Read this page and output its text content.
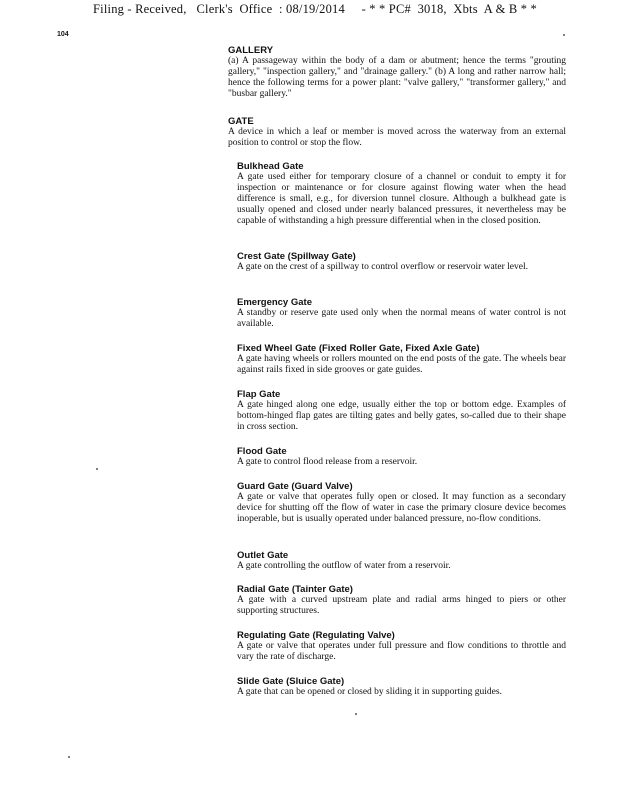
Filing - Received,   Clerk's  Office  : 08/19/2014     - * * PC#  3018,  Xbts  A & B * *
104
GALLERY
(a) A passageway within the body of a dam or abutment; hence the terms "grouting gallery," "inspection gallery," and "drainage gallery." (b) A long and rather narrow hall; hence the following terms for a power plant: "valve gallery," "transformer gallery," and "busbar gallery."
GATE
A device in which a leaf or member is moved across the waterway from an external position to control or stop the flow.
Bulkhead Gate
A gate used either for temporary closure of a channel or conduit to empty it for inspection or maintenance or for closure against flowing water when the head difference is small, e.g., for diversion tunnel closure. Although a bulkhead gate is usually opened and closed under nearly balanced pressures, it nevertheless may be capable of withstanding a high pressure differential when in the closed position.
Crest Gate (Spillway Gate)
A gate on the crest of a spillway to control overflow or reservoir water level.
Emergency Gate
A standby or reserve gate used only when the normal means of water control is not available.
Fixed Wheel Gate (Fixed Roller Gate, Fixed Axle Gate)
A gate having wheels or rollers mounted on the end posts of the gate. The wheels bear against rails fixed in side grooves or gate guides.
Flap Gate
A gate hinged along one edge, usually either the top or bottom edge. Examples of bottom-hinged flap gates are tilting gates and belly gates, so-called due to their shape in cross section.
Flood Gate
A gate to control flood release from a reservoir.
Guard Gate (Guard Valve)
A gate or valve that operates fully open or closed. It may function as a secondary device for shutting off the flow of water in case the primary closure device becomes inoperable, but is usually operated under balanced pressure, no-flow conditions.
Outlet Gate
A gate controlling the outflow of water from a reservoir.
Radial Gate (Tainter Gate)
A gate with a curved upstream plate and radial arms hinged to piers or other supporting structures.
Regulating Gate (Regulating Valve)
A gate or valve that operates under full pressure and flow conditions to throttle and vary the rate of discharge.
Slide Gate (Sluice Gate)
A gate that can be opened or closed by sliding it in supporting guides.
